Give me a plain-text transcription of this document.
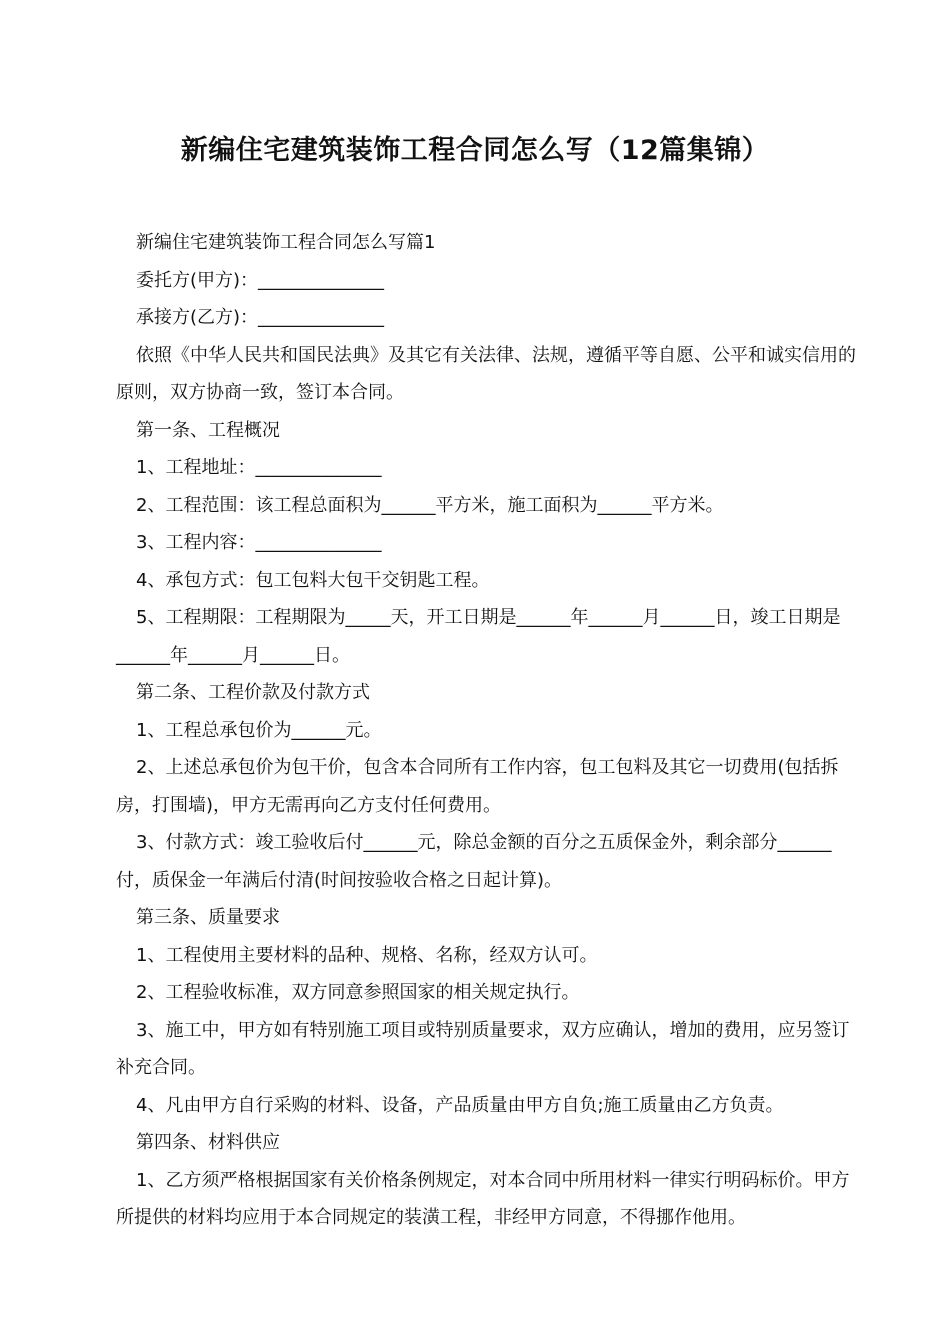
新编住宅建筑装饰工程合同怎么写（12篇集锦）

新编住宅建筑装饰工程合同怎么写篇1

委托方(甲方)：______________

承接方(乙方)：______________

依照《中华人民共和国民法典》及其它有关法律、法规，遵循平等自愿、公平和诚实信用的原则，双方协商一致，签订本合同。

第一条、工程概况

1、工程地址：______________

2、工程范围：该工程总面积为______平方米，施工面积为______平方米。

3、工程内容：______________

4、承包方式：包工包料大包干交钥匙工程。

5、工程期限：工程期限为_____天，开工日期是______年______月______日，竣工日期是______年______月______日。

第二条、工程价款及付款方式

1、工程总承包价为______元。

2、上述总承包价为包干价，包含本合同所有工作内容，包工包料及其它一切费用(包括拆房，打围墙)，甲方无需再向乙方支付任何费用。

3、付款方式：竣工验收后付______元，除总金额的百分之五质保金外，剩余部分______付，质保金一年满后付清(时间按验收合格之日起计算)。

第三条、质量要求

1、工程使用主要材料的品种、规格、名称，经双方认可。

2、工程验收标准，双方同意参照国家的相关规定执行。

3、施工中，甲方如有特别施工项目或特别质量要求，双方应确认，增加的费用，应另签订补充合同。

4、凡由甲方自行采购的材料、设备，产品质量由甲方自负;施工质量由乙方负责。

第四条、材料供应

1、乙方须严格根据国家有关价格条例规定，对本合同中所用材料一律实行明码标价。甲方所提供的材料均应用于本合同规定的装潢工程，非经甲方同意，不得挪作他用。
